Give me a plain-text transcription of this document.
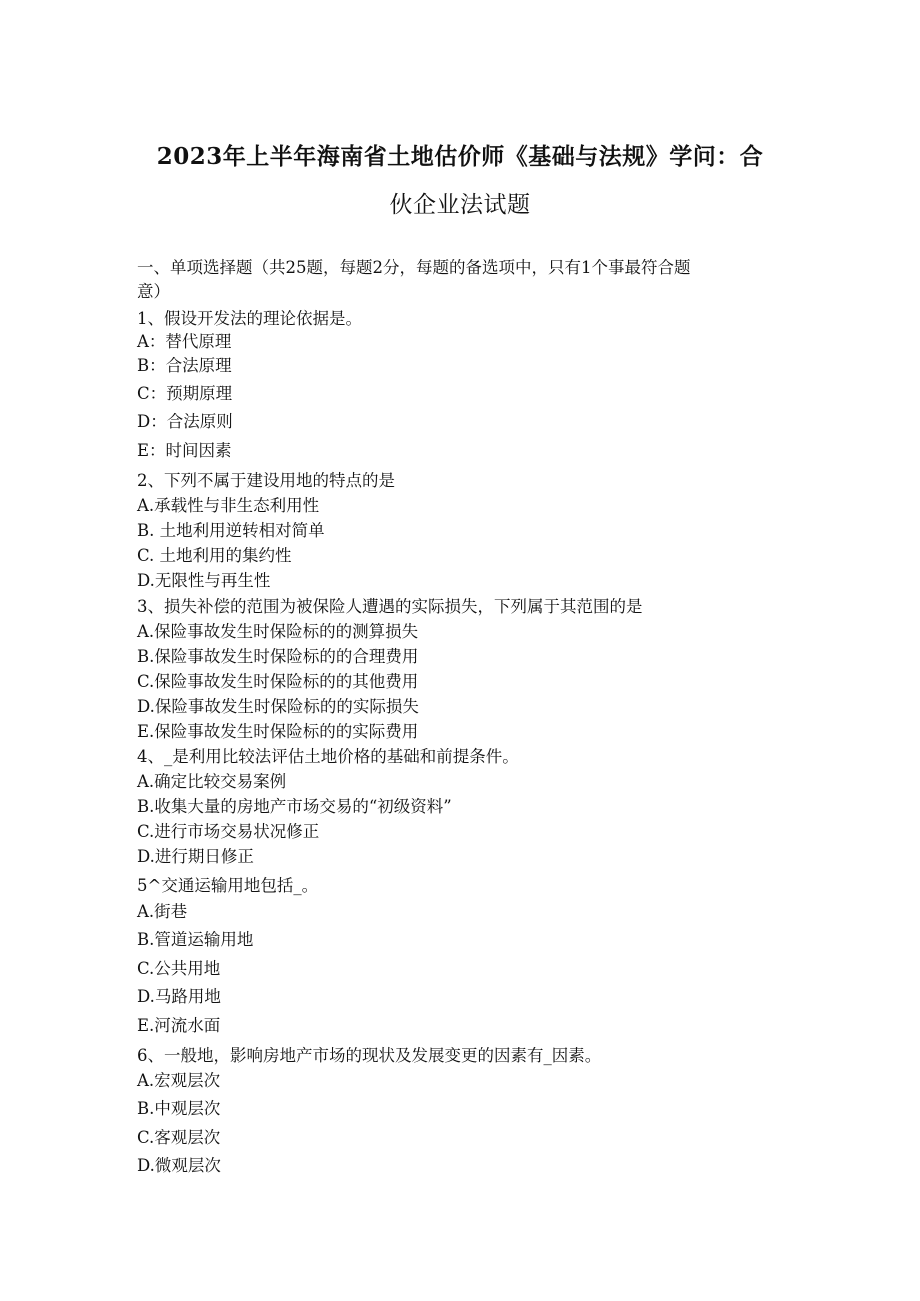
2023年上半年海南省土地估价师《基础与法规》学问：合
伙企业法试题
一、单项选择题（共25题，每题2分，每题的备选项中，只有1个事最符合题
意）
1、假设开发法的理论依据是。
A：替代原理
B：合法原理
C：预期原理
D：合法原则
E：时间因素
2、下列不属于建设用地的特点的是
A.承载性与非生态利用性
B. 土地利用逆转相对简单
C. 土地利用的集约性
D.无限性与再生性
3、损失补偿的范围为被保险人遭遇的实际损失，下列属于其范围的是
A.保险事故发生时保险标的的测算损失
B.保险事故发生时保险标的的合理费用
C.保险事故发生时保险标的的其他费用
D.保险事故发生时保险标的的实际损失
E.保险事故发生时保险标的的实际费用
4、_是利用比较法评估土地价格的基础和前提条件。
A.确定比较交易案例
B.收集大量的房地产市场交易的“初级资料”
C.进行市场交易状况修正
D.进行期日修正
5^交通运输用地包括_。
A.街巷
B.管道运输用地
C.公共用地
D.马路用地
E.河流水面
6、一般地，影响房地产市场的现状及发展变更的因素有_因素。
A.宏观层次
B.中观层次
C.客观层次
D.微观层次
